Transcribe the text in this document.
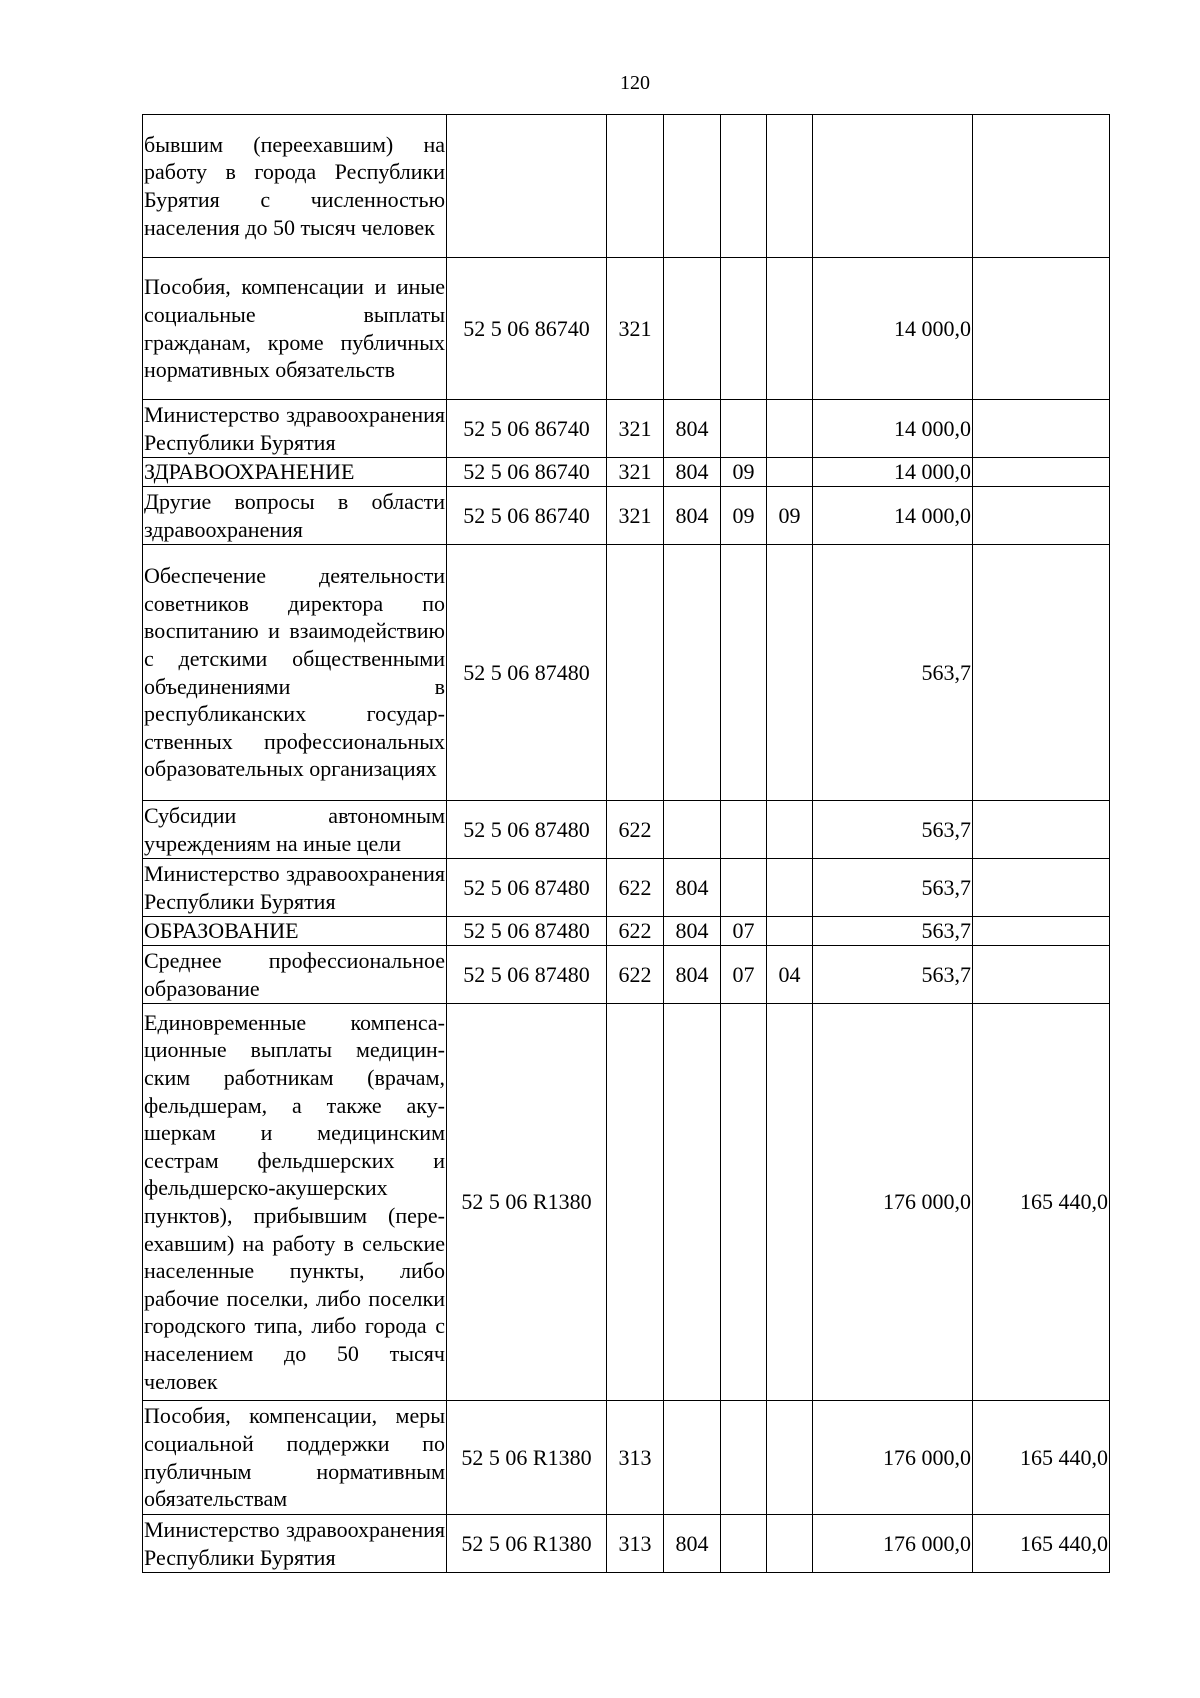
120
бывшим (переехавшим) на работу в города Республики Бурятия с численностью населения до 50 тысяч человек							
Пособия, компенсации и иные социальные выплаты гражданам, кроме публичных нормативных обязательств	52 5 06 86740	321				14 000,0	
Министерство здравоохранения Республики Бурятия	52 5 06 86740	321	804			14 000,0	
ЗДРАВООХРАНЕНИЕ	52 5 06 86740	321	804	09		14 000,0	
Другие вопросы в области здравоохранения	52 5 06 86740	321	804	09	09	14 000,0	
Обеспечение деятельности советников директора по воспитанию и взаимодействию с детскими общественными объединениями в республиканских государственных профессиональных образовательных организациях	52 5 06 87480					563,7	
Субсидии автономным учреждениям на иные цели	52 5 06 87480	622				563,7	
Министерство здравоохранения Республики Бурятия	52 5 06 87480	622	804			563,7	
ОБРАЗОВАНИЕ	52 5 06 87480	622	804	07		563,7	
Среднее профессиональное образование	52 5 06 87480	622	804	07	04	563,7	
Единовременные компенсационные выплаты медицинским работникам (врачам, фельдшерам, а также акушеркам и медицинским сестрам фельдшерских и фельдшерско-акушерских пунктов), прибывшим (переехавшим) на работу в сельские населенные пункты, либо рабочие поселки, либо поселки городского типа, либо города с населением до 50 тысяч человек	52 5 06 R1380					176 000,0	165 440,0
Пособия, компенсации, меры социальной поддержки по публичным нормативным обязательствам	52 5 06 R1380	313				176 000,0	165 440,0
Министерство здравоохранения Республики Бурятия	52 5 06 R1380	313	804			176 000,0	165 440,0
